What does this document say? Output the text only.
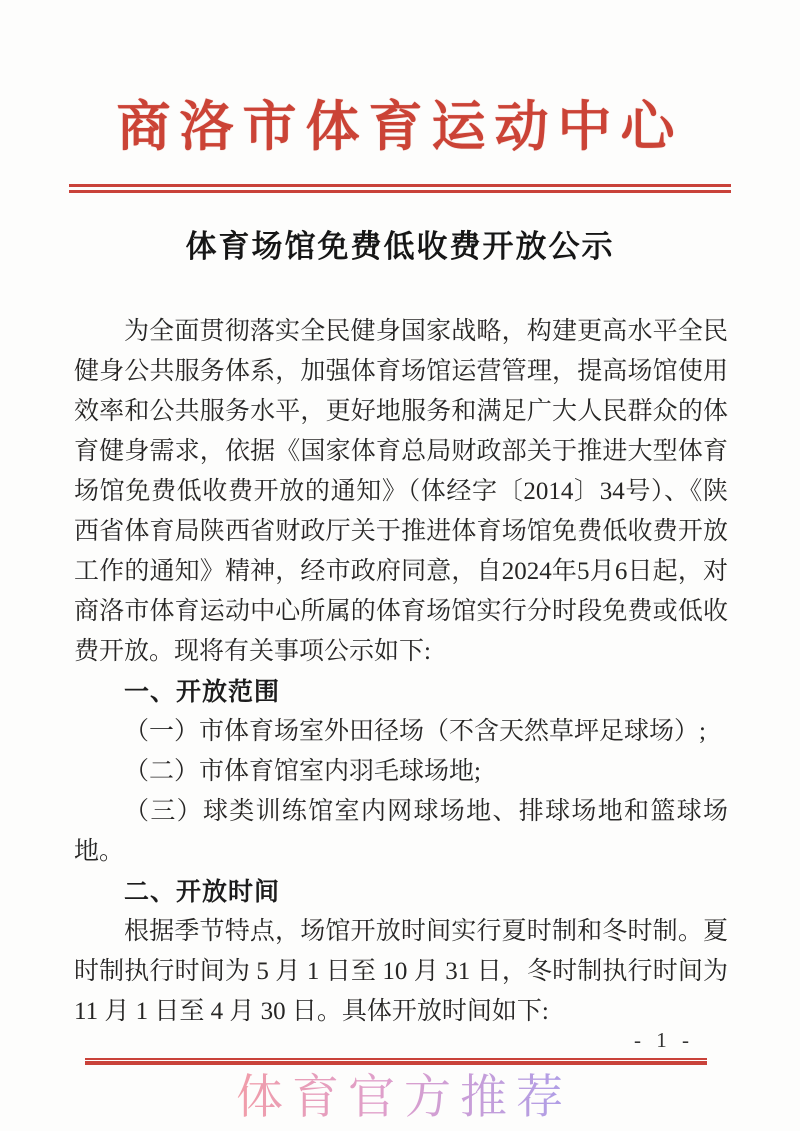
商洛市体育运动中心
体育场馆免费低收费开放公示

为全面贯彻落实全民健身国家战略，构建更高水平全民健身公共服务体系，加强体育场馆运营管理，提高场馆使用效率和公共服务水平，更好地服务和满足广大人民群众的体育健身需求，依据《国家体育总局财政部关于推进大型体育场馆免费低收费开放的通知》（体经字〔2014〕34号）、《陕西省体育局陕西省财政厅关于推进体育场馆免费低收费开放工作的通知》精神，经市政府同意，自2024年5月6日起，对商洛市体育运动中心所属的体育场馆实行分时段免费或低收费开放。现将有关事项公示如下:

一、开放范围

（一）市体育场室外田径场（不含天然草坪足球场）;

（二）市体育馆室内羽毛球场地;

（三）球类训练馆室内网球场地、排球场地和篮球场地。

二、开放时间

根据季节特点，场馆开放时间实行夏时制和冬时制。夏时制执行时间为 5 月 1 日至 10 月 31 日，冬时制执行时间为 11 月 1 日至 4 月 30 日。具体开放时间如下:

- 1 -
体育官方推荐
